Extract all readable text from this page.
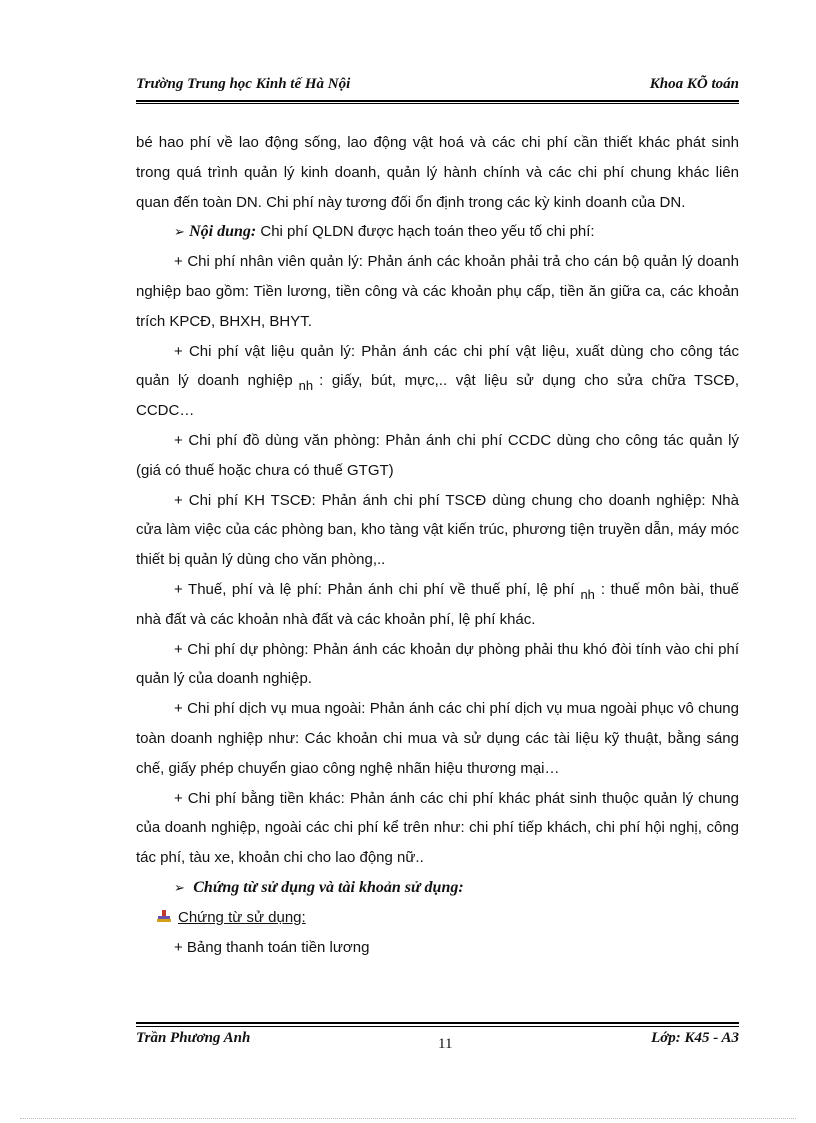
Trường Trung học Kinh tế Hà Nội	Khoa KÕ toán

bé hao phí về lao động sống, lao động vật hoá và các chi phí cần thiết khác phát sinh trong quá trình quản lý kinh doanh, quản lý hành chính và các chi phí chung khác liên quan đến toàn DN. Chi phí này tương đối ổn định trong các kỳ kinh doanh của DN.

➢ Nội dung: Chi phí QLDN được hạch toán theo yếu tố chi phí:

+ Chi phí nhân viên quản lý: Phản ánh các khoản phải trả cho cán bộ quản lý doanh nghiệp bao gồm: Tiền lương, tiền công và các khoản phụ cấp, tiền ăn giữa ca, các khoản trích KPCĐ, BHXH, BHYT.

+ Chi phí vật liệu quản lý: Phản ánh các chi phí vật liệu, xuất dùng cho công tác quản lý doanh nghiệp nh : giấy, bút, mực,.. vật liệu sử dụng cho sửa chữa TSCĐ, CCDC…

+ Chi phí đồ dùng văn phòng: Phản ánh chi phí CCDC dùng cho công tác quản lý (giá có thuế hoặc chưa có thuế GTGT)

+ Chi phí KH TSCĐ: Phản ánh chi phí TSCĐ dùng chung cho doanh nghiệp: Nhà cửa làm việc của các phòng ban, kho tàng vật kiến trúc, phương tiện truyền dẫn, máy móc thiết bị quản lý dùng cho văn phòng,..

+ Thuế, phí và lệ phí: Phản ánh chi phí về thuế phí, lệ phí nh : thuế môn bài, thuế nhà đất và các khoản nhà đất và các khoản phí, lệ phí khác.

+ Chi phí dự phòng: Phản ánh các khoản dự phòng phải thu khó đòi tính vào chi phí quản lý của doanh nghiệp.

+ Chi phí dịch vụ mua ngoài: Phản ánh các chi phí dịch vụ mua ngoài phục vô chung toàn doanh nghiệp như: Các khoản chi mua và sử dụng các tài liệu kỹ thuật, bằng sáng chế, giấy phép chuyển giao công nghệ nhãn hiệu thương mại…

+ Chi phí bằng tiền khác: Phản ánh các chi phí khác phát sinh thuộc quản lý chung của doanh nghiệp, ngoài các chi phí kể trên như: chi phí tiếp khách, chi phí hội nghị, công tác phí, tàu xe, khoản chi cho lao động nữ..

➢ Chứng từ sử dụng và tài khoản sử dụng:

Chứng từ sử dụng:

+ Bảng thanh toán tiền lương

Trần Phương Anh	11	Lớp: K45 - A3
